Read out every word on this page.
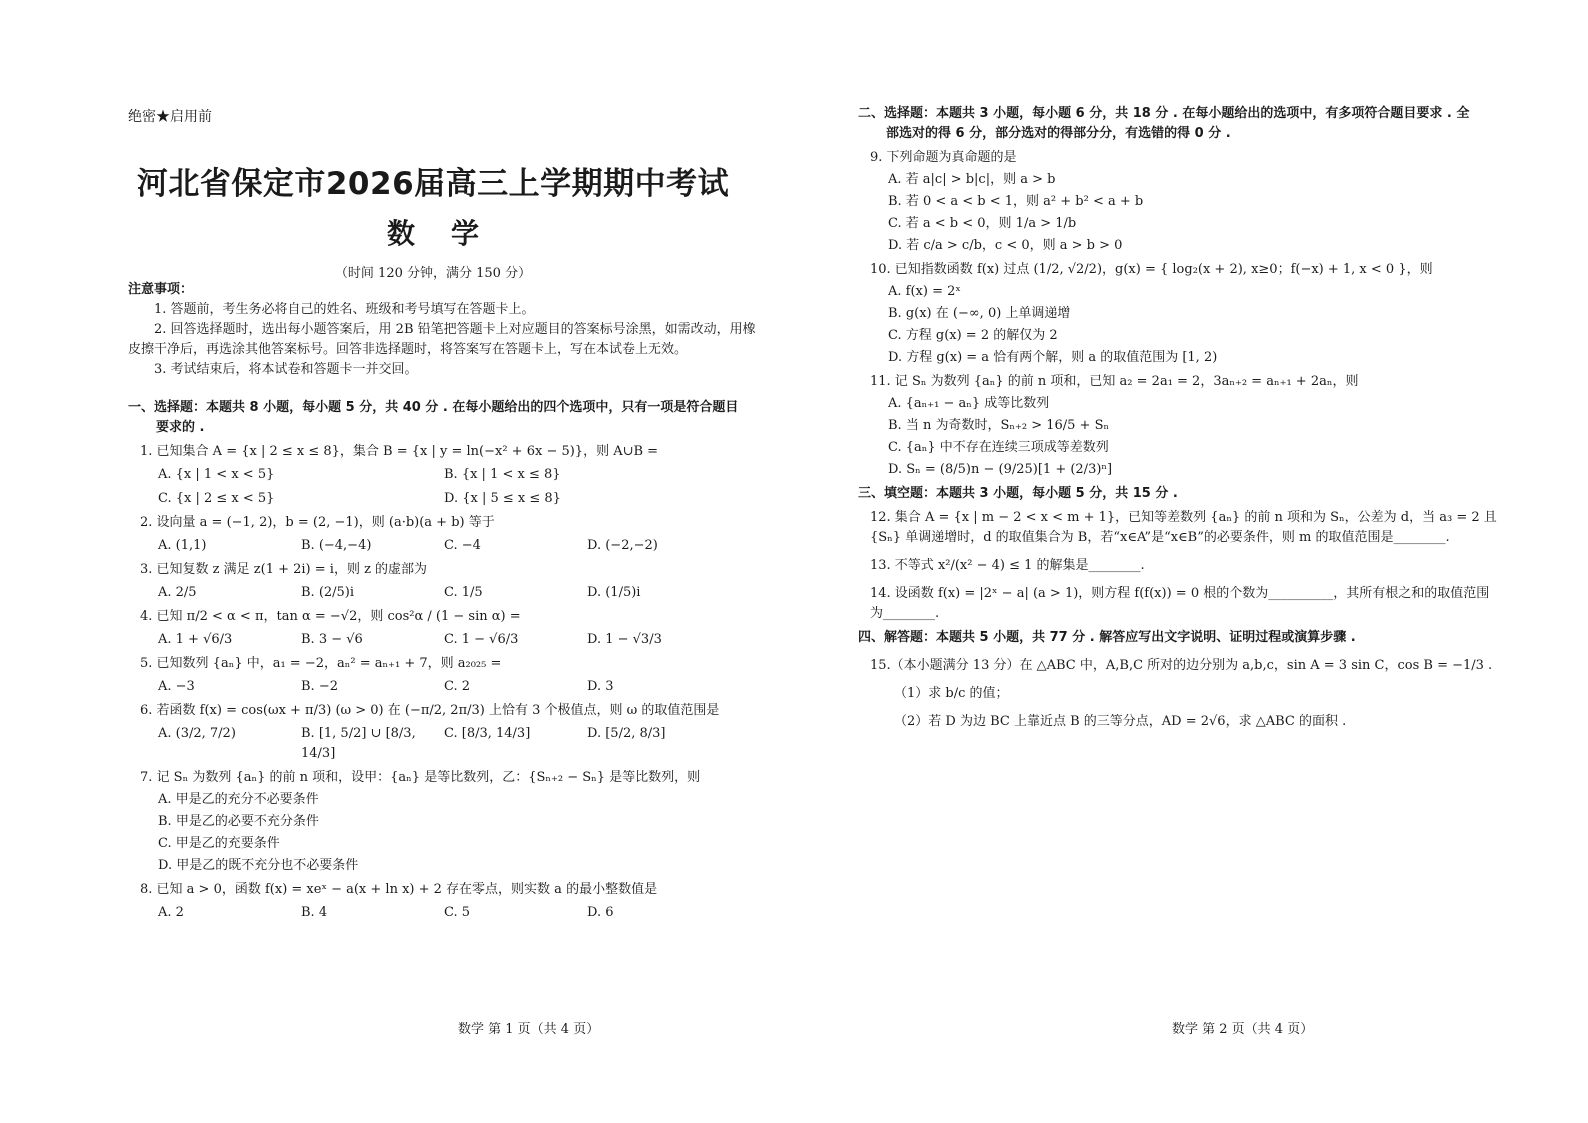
绝密★启用前
河北省保定市2026届高三上学期期中考试
数学
（时间 120 分钟，满分 150 分）
注意事项：

1. 答题前，考生务必将自己的姓名、班级和考号填写在答题卡上。

2. 回答选择题时，选出每小题答案后，用 2B 铅笔把答题卡上对应题目的答案标号涂黑，如需改动，用橡皮擦干净后，再选涂其他答案标号。回答非选择题时，将答案写在答题卡上，写在本试卷上无效。

3. 考试结束后，将本试卷和答题卡一并交回。

一、选择题：本题共 8 小题，每小题 5 分，共 40 分 . 在每小题给出的四个选项中，只有一项是符合题目
要求的 .
1. 已知集合 A = {x | 2 ≤ x ≤ 8}，集合 B = {x | y = ln(−x² + 6x − 5)}，则 A∪B =
A. {x | 1 < x < 5}	B. {x | 1 < x ≤ 8}
C. {x | 2 ≤ x < 5}	D. {x | 5 ≤ x ≤ 8}
2. 设向量 a = (−1, 2)，b = (2, −1)，则 (a·b)(a + b) 等于
A. (1,1)	B. (−4,−4)	C. −4	D. (−2,−2)
3. 已知复数 z 满足 z(1 + 2i) = i，则 z 的虚部为
A. 2/5	B. (2/5)i	C. 1/5	D. (1/5)i
4. 已知 π/2 < α < π，tan α = −√2，则 cos²α / (1 − sin α) =
A. 1 + √6/3	B. 3 − √6	C. 1 − √6/3	D. 1 − √3/3
5. 已知数列 {aₙ} 中，a₁ = −2，aₙ² = aₙ₊₁ + 7，则 a₂₀₂₅ =
A. −3	B. −2	C. 2	D. 3
6. 若函数 f(x) = cos(ωx + π/3) (ω > 0) 在 (−π/2, 2π/3) 上恰有 3 个极值点，则 ω 的取值范围是
A. (3/2, 7/2)	B. [1, 5/2] ∪ [8/3, 14/3]
C. [8/3, 14/3]	D. [5/2, 8/3]
7. 记 Sₙ 为数列 {aₙ} 的前 n 项和，设甲：{aₙ} 是等比数列，乙：{Sₙ₊₂ − Sₙ} 是等比数列，则
A. 甲是乙的充分不必要条件
B. 甲是乙的必要不充分条件
C. 甲是乙的充要条件
D. 甲是乙的既不充分也不必要条件
8. 已知 a > 0，函数 f(x) = xeˣ − a(x + ln x) + 2 存在零点，则实数 a 的最小整数值是
A. 2	B. 4	C. 5	D. 6
数学 第 1 页（共 4 页）
二、选择题：本题共 3 小题，每小题 6 分，共 18 分 . 在每小题给出的选项中，有多项符合题目要求 . 全
部选对的得 6 分，部分选对的得部分分，有选错的得 0 分 .
9. 下列命题为真命题的是
A. 若 a|c| > b|c|，则 a > b
B. 若 0 < a < b < 1，则 a² + b² < a + b
C. 若 a < b < 0，则 1/a > 1/b
D. 若 c/a > c/b，c < 0，则 a > b > 0
10. 已知指数函数 f(x) 过点 (1/2, √2/2)，g(x) = { log₂(x + 2), x≥0；f(−x) + 1, x < 0 }，则
A. f(x) = 2ˣ
B. g(x) 在 (−∞, 0) 上单调递增
C. 方程 g(x) = 2 的解仅为 2
D. 方程 g(x) = a 恰有两个解，则 a 的取值范围为 [1, 2)
11. 记 Sₙ 为数列 {aₙ} 的前 n 项和，已知 a₂ = 2a₁ = 2，3aₙ₊₂ = aₙ₊₁ + 2aₙ，则
A. {aₙ₊₁ − aₙ} 成等比数列
B. 当 n 为奇数时，Sₙ₊₂ > 16/5 + Sₙ
C. {aₙ} 中不存在连续三项成等差数列
D. Sₙ = (8/5)n − (9/25)[1 + (2/3)ⁿ]
三、填空题：本题共 3 小题，每小题 5 分，共 15 分 .
12. 集合 A = {x | m − 2 < x < m + 1}，已知等差数列 {aₙ} 的前 n 项和为 Sₙ，公差为 d，当 a₃ = 2 且 {Sₙ} 单调递增时，d 的取值集合为 B，若“x∈A”是“x∈B”的必要条件，则 m 的取值范围是________.
13. 不等式 x²/(x² − 4) ≤ 1 的解集是________.
14. 设函数 f(x) = |2ˣ − a| (a > 1)，则方程 f(f(x)) = 0 根的个数为__________，其所有根之和的取值范围为________.
四、解答题：本题共 5 小题，共 77 分 . 解答应写出文字说明、证明过程或演算步骤 .
15.（本小题满分 13 分）在 △ABC 中，A,B,C 所对的边分别为 a,b,c，sin A = 3 sin C，cos B = −1/3 .
（1）求 b/c 的值；
（2）若 D 为边 BC 上靠近点 B 的三等分点，AD = 2√6，求 △ABC 的面积 .
数学 第 2 页（共 4 页）
